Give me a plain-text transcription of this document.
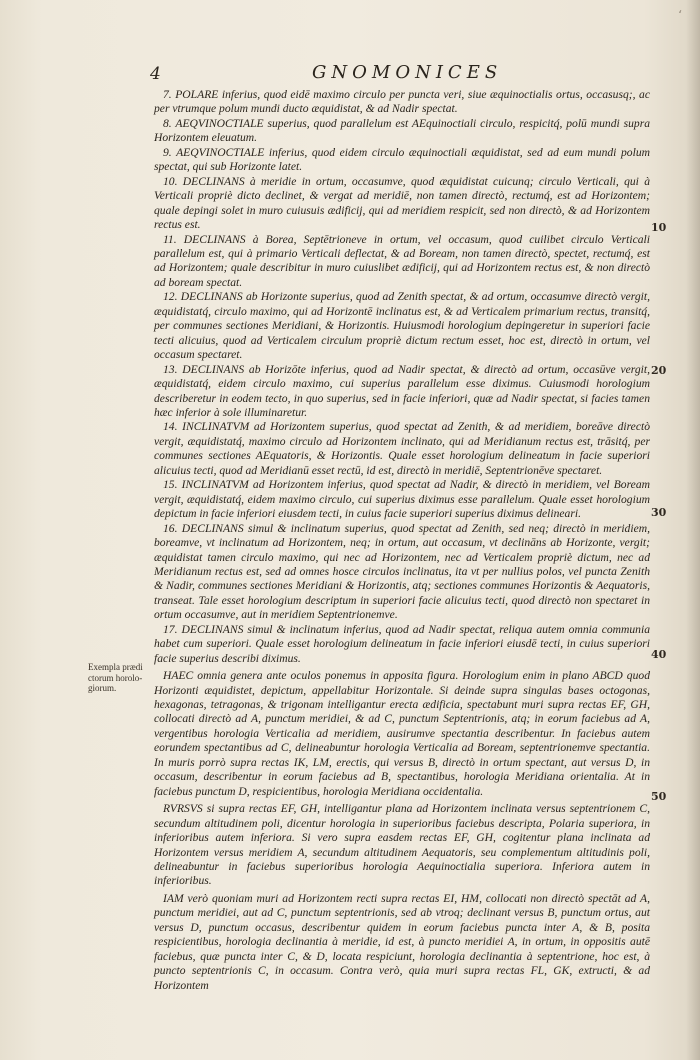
‘
4	GNOMONICES
Exempla prædi ctorum horolo- giorum.
10
20
30
40
50

7. POLARE inferius, quod eidē maximo circulo per puncta veri, siue æquinoctialis ortus, occasusq;, ac per vtrumque polum mundi ducto æquidistat, & ad Nadir spectat.

8. AEQVINOCTIALE superius, quod parallelum est AEquinoctiali circulo, respicitq́, polū mundi supra Horizontem eleuatum.

9. AEQVINOCTIALE inferius, quod eidem circulo æquinoctiali æquidistat, sed ad eum mundi polum spectat, qui sub Horizonte latet.

10. DECLINANS à meridie in ortum, occasumve, quod æquidistat cuicunq; circulo Verticali, qui à Verticali propriè dicto declinet, & vergat ad meridiē, non tamen directò, rectumq́, est ad Horizontem; quale depingi solet in muro cuiusuis ædificij, qui ad meridiem respicit, sed non directò, & ad Horizontem rectus est.

11. DECLINANS à Borea, Septētrioneve in ortum, vel occasum, quod cuilibet circulo Verticali parallelum est, qui à primario Verticali deflectat, & ad Boream, non tamen directò, spectet, rectumq́, est ad Horizontem; quale describitur in muro cuiuslibet ædificij, qui ad Horizontem rectus est, & non directò ad boream spectat.

12. DECLINANS ab Horizonte superius, quod ad Zenith spectat, & ad ortum, occasumve directò vergit, æquidistatq́, circulo maximo, qui ad Horizontē inclinatus est, & ad Verticalem primarium rectus, transitq́, per communes sectiones Meridiani, & Horizontis. Huiusmodi horologium depingeretur in superiori facie tecti alicuius, quod ad Verticalem circulum propriè dictum rectum esset, hoc est, directò in ortum, vel occasum spectaret.

13. DECLINANS ab Horizōte inferius, quod ad Nadir spectat, & directò ad ortum, occasūve vergit, æquidistatq́, eidem circulo maximo, cui superius parallelum esse diximus. Cuiusmodi horologium describeretur in eodem tecto, in quo superius, sed in facie inferiori, quæ ad Nadir spectat, si facies tamen hæc inferior à sole illuminaretur.

14. INCLINATVM ad Horizontem superius, quod spectat ad Zenith, & ad meridiem, boreāve directò vergit, æquidistatq́, maximo circulo ad Horizontem inclinato, qui ad Meridianum rectus est, trāsitq́, per communes sectiones AEquatoris, & Horizontis. Quale esset horologium delineatum in facie superiori alicuius tecti, quod ad Meridianū esset rectū, id est, directò in meridiē, Septentrionēve spectaret.

15. INCLINATVM ad Horizontem inferius, quod spectat ad Nadir, & directò in meridiem, vel Boream vergit, æquidistatq́, eidem maximo circulo, cui superius diximus esse parallelum. Quale esset horologium depictum in facie inferiori eiusdem tecti, in cuius facie superiori superius diximus delineari.

16. DECLINANS simul & inclinatum superius, quod spectat ad Zenith, sed neq; directò in meridiem, boreamve, vt inclinatum ad Horizontem, neq; in ortum, aut occasum, vt declināns ab Horizonte, vergit; æquidistat tamen circulo maximo, qui nec ad Horizontem, nec ad Verticalem propriè dictum, nec ad Meridianum rectus est, sed ad omnes hosce circulos inclinatus, ita vt per nullius polos, vel puncta Zenith & Nadir, communes sectiones Meridiani & Horizontis, atq; sectiones communes Horizontis & Aequatoris, transeat. Tale esset horologium descriptum in superiori facie alicuius tecti, quod directò non spectaret in ortum occasumve, aut in meridiem Septentrionemve.

17. DECLINANS simul & inclinatum inferius, quod ad Nadir spectat, reliqua autem omnia communia habet cum superiori. Quale esset horologium delineatum in facie inferiori eiusdē tecti, in cuius superiori facie superius describi diximus.

HAEC omnia genera ante oculos ponemus in apposita figura. Horologium enim in plano ABCD quod Horizonti æquidistet, depictum, appellabitur Horizontale. Si deinde supra singulas bases octogonas, hexagonas, tetragonas, & trigonam intelligantur erecta ædificia, spectabunt muri supra rectas EF, GH, collocati directò ad A, punctum meridiei, & ad C, punctum Septentrionis, atq; in eorum faciebus ad A, vergentibus horologia Verticalia ad meridiem, ausirumve spectantia describentur. In faciebus autem eorundem spectantibus ad C, delineabuntur horologia Verticalia ad Boream, septentrionemve spectantia. In muris porrò supra rectas IK, LM, erectis, qui versus B, directò in ortum spectant, aut versus D, in occasum, describentur in eorum faciebus ad B, spectantibus, horologia Meridiana orientalia. At in faciebus punctum D, respicientibus, horologia Meridiana occidentalia.

RVRSVS si supra rectas EF, GH, intelligantur plana ad Horizontem inclinata versus septentrionem C, secundum altitudinem poli, dicentur horologia in superioribus faciebus descripta, Polaria superiora, in inferioribus autem inferiora. Si vero supra easdem rectas EF, GH, cogitentur plana inclinata ad Horizontem versus meridiem A, secundum altitudinem Aequatoris, seu complementum altitudinis poli, delineabuntur in faciebus superioribus horologia Aequinoctialia superiora. Inferiora autem in inferioribus.

IAM verò quoniam muri ad Horizontem recti supra rectas EI, HM, collocati non directò spectāt ad A, punctum meridiei, aut ad C, punctum septentrionis, sed ab vtroq; declinant versus B, punctum ortus, aut versus D, punctum occasus, describentur quidem in eorum faciebus puncta inter A, & B, posita respicientibus, horologia declinantia à meridie, id est, à puncto meridiei A, in ortum, in oppositis autē faciebus, quæ puncta inter C, & D, locata respiciunt, horologia declinantia à septentrione, hoc est, à puncto septentrionis C, in occasum. Contra verò, quia muri supra rectas FL, GK, extructi, & ad Horizontem
